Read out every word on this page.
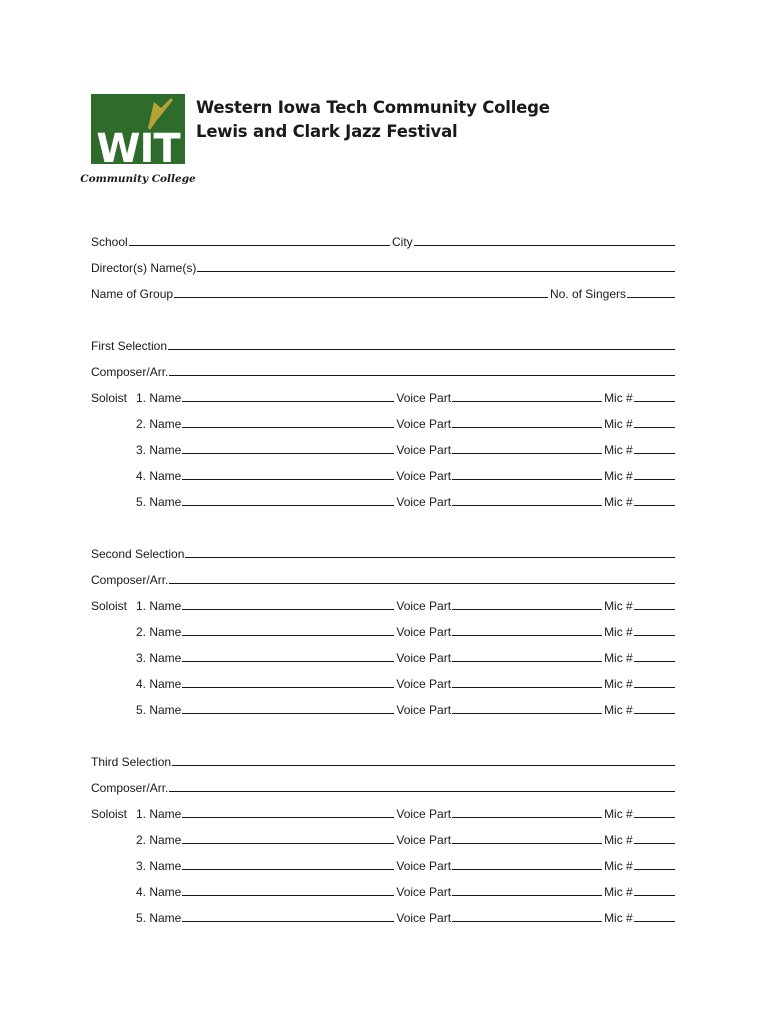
WIT
Community College
Western Iowa Tech Community College
Lewis and Clark Jazz Festival
School	City
Director(s) Name(s)
Name of Group	No. of Singers
First Selection
Composer/Arr.
Soloist 1. Name	Voice Part	Mic #
2. Name	Voice Part	Mic #
3. Name	Voice Part	Mic #
4. Name	Voice Part	Mic #
5. Name	Voice Part	Mic #
Second Selection
Composer/Arr.
Soloist 1. Name	Voice Part	Mic #
2. Name	Voice Part	Mic #
3. Name	Voice Part	Mic #
4. Name	Voice Part	Mic #
5. Name	Voice Part	Mic #
Third Selection
Composer/Arr.
Soloist 1. Name	Voice Part	Mic #
2. Name	Voice Part	Mic #
3. Name	Voice Part	Mic #
4. Name	Voice Part	Mic #
5. Name	Voice Part	Mic #
